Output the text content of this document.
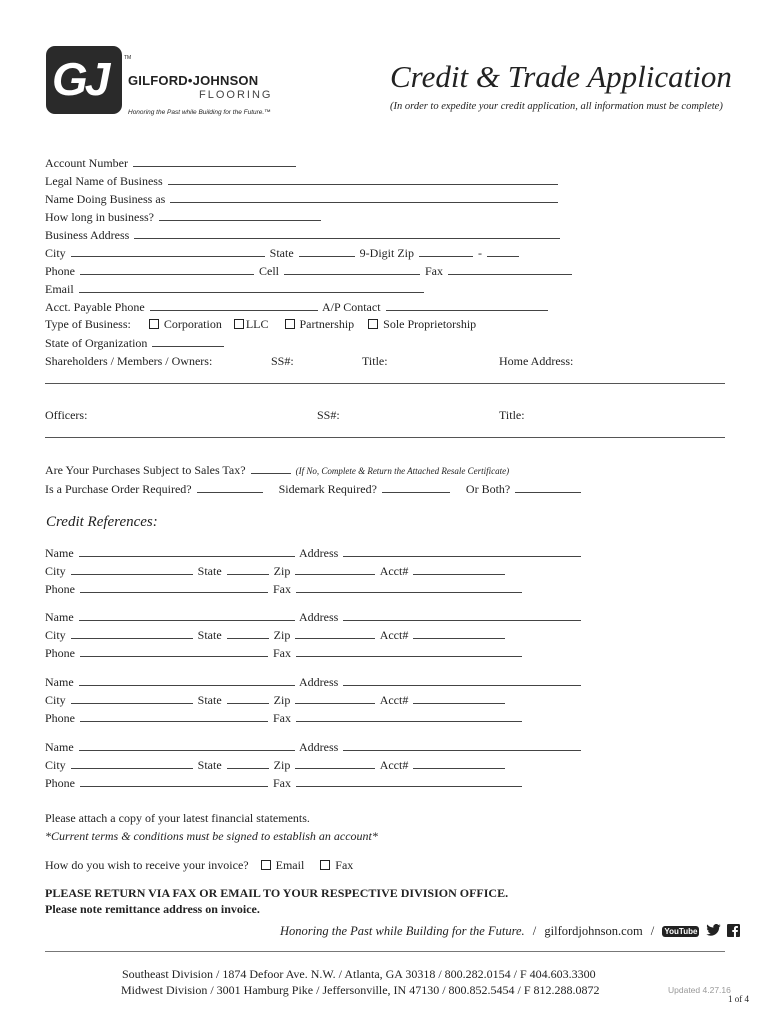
GJ	TM
GILFORD•JOHNSON
FLOORING
Honoring the Past while Building for the Future.™
Credit & Trade Application
(In order to expedite your credit application, all information must be complete)
Account Number
Legal Name of Business
Name Doing Business as
How long in business?
Business Address
City	State	9-Digit Zip	-
Phone	Cell	Fax
Email
Acct. Payable Phone	A/P Contact
Type of Business:	Corporation LLC	Partnership Sole Proprietorship
State of Organization
Shareholders / Members / Owners:	SS#:	Title:	Home Address:
Officers:	SS#:	Title:
Are Your Purchases Subject to Sales Tax?	(If No, Complete & Return the Attached Resale Certificate)
Is a Purchase Order Required?	Sidemark Required?	Or Both?
Credit References:
Name	Address
City	State	Zip	Acct#
Phone	Fax
Name	Address
City	State	Zip	Acct#
Phone	Fax
Name	Address
City	State	Zip	Acct#
Phone	Fax
Name	Address
City	State	Zip	Acct#
Phone	Fax
Please attach a copy of your latest financial statements.
*Current terms & conditions must be signed to establish an account*
How do you wish to receive your invoice? Email	Fax
PLEASE RETURN VIA FAX OR EMAIL TO YOUR RESPECTIVE DIVISION OFFICE.
Please note remittance address on invoice.
Honoring the Past while Building for the Future. / gilfordjohnson.com / YouTube
Southeast Division / 1874 Defoor Ave. N.W. / Atlanta, GA 30318 / 800.282.0154 / F 404.603.3300
Midwest Division / 3001 Hamburg Pike / Jeffersonville, IN 47130 / 800.852.5454 / F 812.288.0872	Updated 4.27.16
1 of 4
